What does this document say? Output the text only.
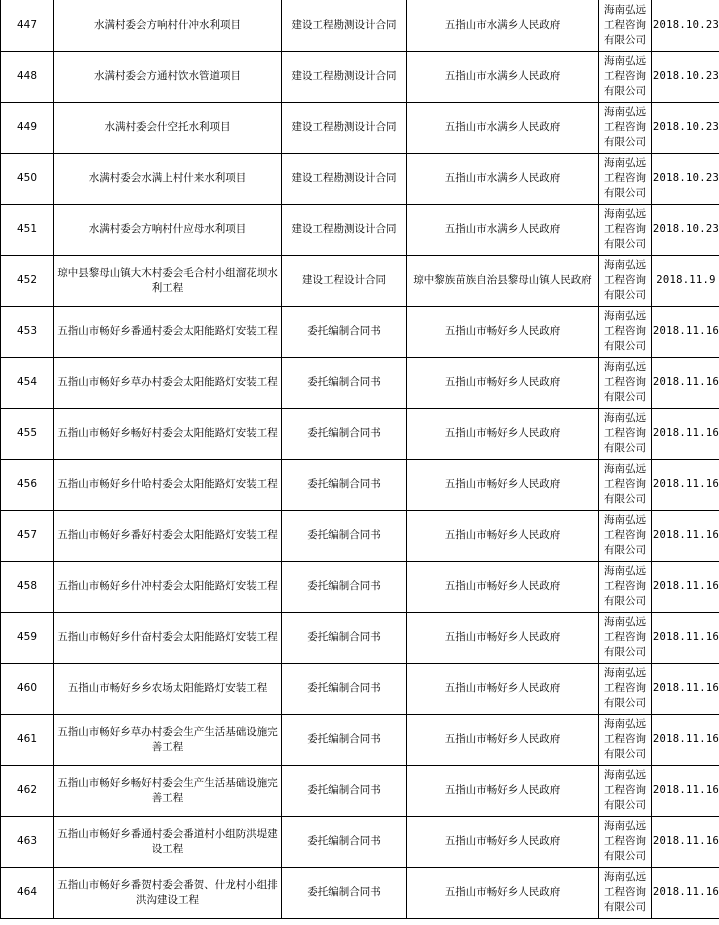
447	水满村委会方响村什冲水利项目	建设工程勘测设计合同	五指山市水满乡人民政府	海南弘远工程咨询有限公司	2018.10.23

448	水满村委会方通村饮水管道项目	建设工程勘测设计合同	五指山市水满乡人民政府	海南弘远工程咨询有限公司	2018.10.23

449	水满村委会什空托水利项目	建设工程勘测设计合同	五指山市水满乡人民政府	海南弘远工程咨询有限公司	2018.10.23

450	水满村委会水满上村什来水利项目	建设工程勘测设计合同	五指山市水满乡人民政府	海南弘远工程咨询有限公司	2018.10.23

451	水满村委会方响村什应母水利项目	建设工程勘测设计合同	五指山市水满乡人民政府	海南弘远工程咨询有限公司	2018.10.23

452	琼中县黎母山镇大木村委会毛合村小组溜花坝水利工程	建设工程设计合同	琼中黎族苗族自治县黎母山镇人民政府	海南弘远工程咨询有限公司	2018.11.9

453	五指山市畅好乡番通村委会太阳能路灯安装工程	委托编制合同书	五指山市畅好乡人民政府	海南弘远工程咨询有限公司	2018.11.16

454	五指山市畅好乡草办村委会太阳能路灯安装工程	委托编制合同书	五指山市畅好乡人民政府	海南弘远工程咨询有限公司	2018.11.16

455	五指山市畅好乡畅好村委会太阳能路灯安装工程	委托编制合同书	五指山市畅好乡人民政府	海南弘远工程咨询有限公司	2018.11.16

456	五指山市畅好乡什哈村委会太阳能路灯安装工程	委托编制合同书	五指山市畅好乡人民政府	海南弘远工程咨询有限公司	2018.11.16

457	五指山市畅好乡番好村委会太阳能路灯安装工程	委托编制合同书	五指山市畅好乡人民政府	海南弘远工程咨询有限公司	2018.11.16

458	五指山市畅好乡什冲村委会太阳能路灯安装工程	委托编制合同书	五指山市畅好乡人民政府	海南弘远工程咨询有限公司	2018.11.16

459	五指山市畅好乡什奋村委会太阳能路灯安装工程	委托编制合同书	五指山市畅好乡人民政府	海南弘远工程咨询有限公司	2018.11.16

460	五指山市畅好乡乡农场太阳能路灯安装工程	委托编制合同书	五指山市畅好乡人民政府	海南弘远工程咨询有限公司	2018.11.16

461	五指山市畅好乡草办村委会生产生活基础设施完善工程	委托编制合同书	五指山市畅好乡人民政府	海南弘远工程咨询有限公司	2018.11.16

462	五指山市畅好乡畅好村委会生产生活基础设施完善工程	委托编制合同书	五指山市畅好乡人民政府	海南弘远工程咨询有限公司	2018.11.16

463	五指山市畅好乡番通村委会番道村小组防洪堤建设工程	委托编制合同书	五指山市畅好乡人民政府	海南弘远工程咨询有限公司	2018.11.16

464	五指山市畅好乡番贺村委会番贺、什龙村小组排洪沟建设工程	委托编制合同书	五指山市畅好乡人民政府	海南弘远工程咨询有限公司	2018.11.16
